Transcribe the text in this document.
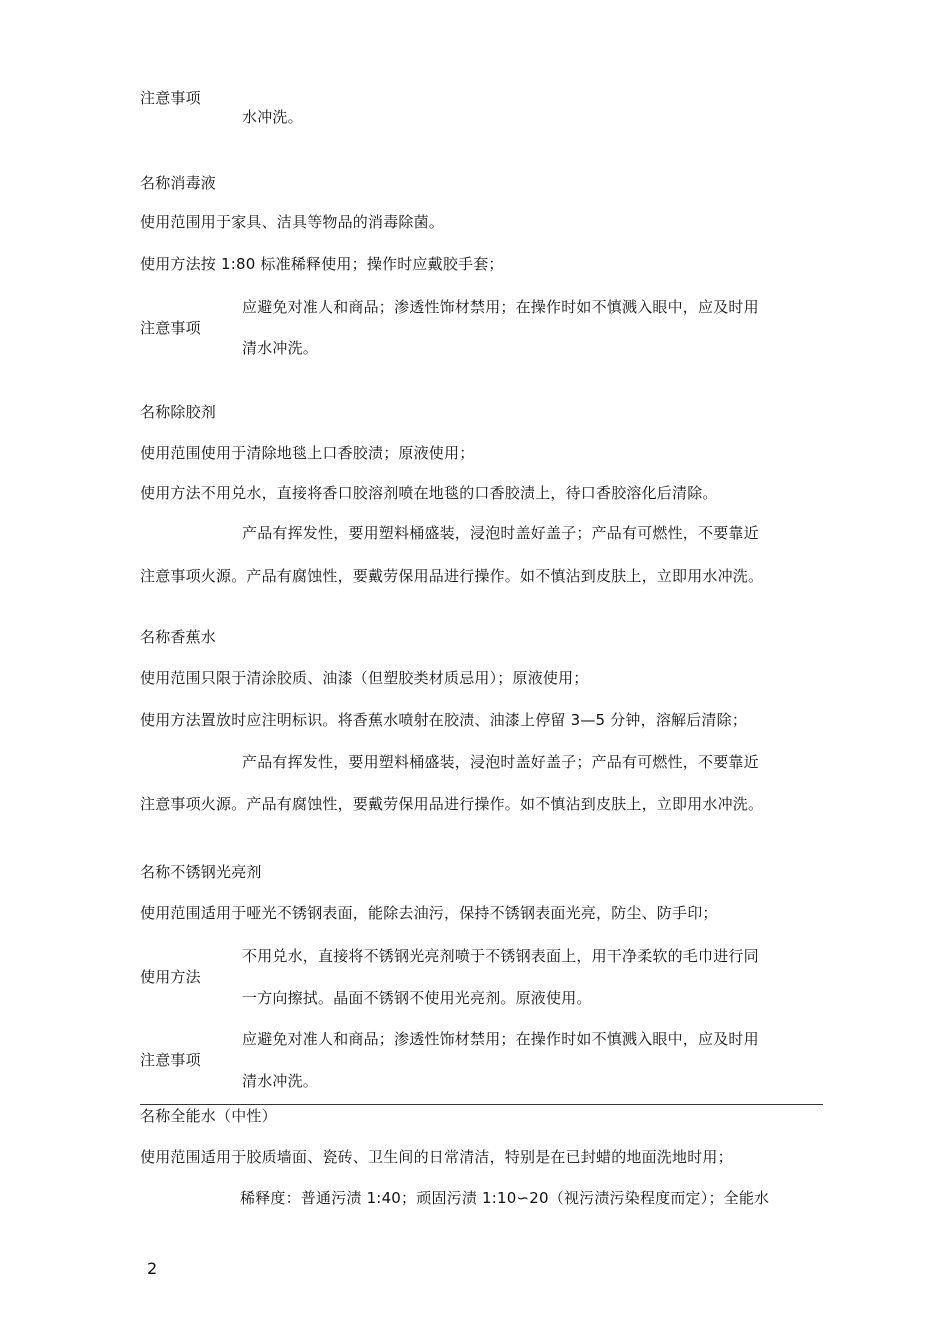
注意事项
水冲洗。
名称消毒液
使用范围用于家具、洁具等物品的消毒除菌。
使用方法按 1:80 标准稀释使用；操作时应戴胶手套；
应避免对准人和商品；渗透性饰材禁用；在操作时如不慎溅入眼中，应及时用
注意事项
清水冲洗。
名称除胶剂
使用范围使用于清除地毯上口香胶渍；原液使用；
使用方法不用兑水，直接将香口胶溶剂喷在地毯的口香胶渍上，待口香胶溶化后清除。
产品有挥发性，要用塑料桶盛装，浸泡时盖好盖子；产品有可燃性，不要靠近
注意事项火源。产品有腐蚀性，要戴劳保用品进行操作。如不慎沾到皮肤上，立即用水冲洗。
名称香蕉水
使用范围只限于清涂胶质、油漆（但塑胶类材质忌用）；原液使用；
使用方法置放时应注明标识。将香蕉水喷射在胶渍、油漆上停留 3—5 分钟，溶解后清除；
产品有挥发性，要用塑料桶盛装，浸泡时盖好盖子；产品有可燃性，不要靠近
注意事项火源。产品有腐蚀性，要戴劳保用品进行操作。如不慎沾到皮肤上，立即用水冲洗。
名称不锈钢光亮剂
使用范围适用于哑光不锈钢表面，能除去油污，保持不锈钢表面光亮，防尘、防手印；
不用兑水，直接将不锈钢光亮剂喷于不锈钢表面上，用干净柔软的毛巾进行同
使用方法
一方向擦拭。晶面不锈钢不使用光亮剂。原液使用。
应避免对准人和商品；渗透性饰材禁用；在操作时如不慎溅入眼中，应及时用
注意事项
清水冲洗。
名称全能水（中性）
使用范围适用于胶质墙面、瓷砖、卫生间的日常清洁，特别是在已封蜡的地面洗地时用；
稀释度：普通污渍 1:40；顽固污渍 1:10∽20（视污渍污染程度而定）；全能水
2
